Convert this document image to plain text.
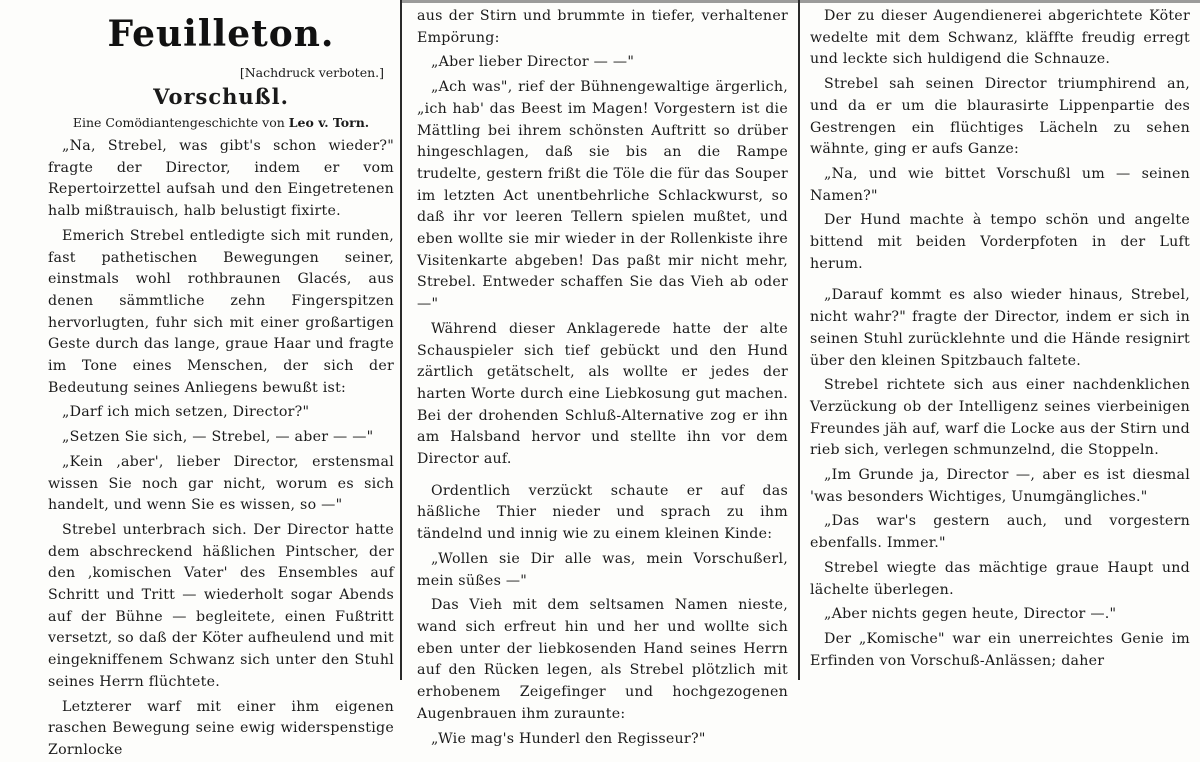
Feuilleton.
[Nachdruck verboten.]
Vorschußl.
Eine Comödiantengeschichte von Leo v. Torn.

„Na, Strebel, was gibt's schon wieder?" fragte der Director, indem er vom Repertoirzettel aufsah und den Eingetretenen halb mißtrauisch, halb belustigt fixirte.

Emerich Strebel entledigte sich mit runden, fast pathetischen Bewegungen seiner, einstmals wohl rothbraunen Glacés, aus denen sämmtliche zehn Fingerspitzen hervorlugten, fuhr sich mit einer großartigen Geste durch das lange, graue Haar und fragte im Tone eines Menschen, der sich der Bedeutung seines Anliegens bewußt ist:

„Darf ich mich setzen, Director?"

„Setzen Sie sich, — Strebel, — aber — —"

„Kein ‚aber', lieber Director, erstensmal wissen Sie noch gar nicht, worum es sich handelt, und wenn Sie es wissen, so —"

Strebel unterbrach sich. Der Director hatte dem abschreckend häßlichen Pintscher, der den ‚komischen Vater' des Ensembles auf Schritt und Tritt — wiederholt sogar Abends auf der Bühne — begleitete, einen Fußtritt versetzt, so daß der Köter aufheulend und mit eingekniffenem Schwanz sich unter den Stuhl seines Herrn flüchtete.

Letzterer warf mit einer ihm eigenen raschen Bewegung seine ewig widerspenstige Zornlocke

aus der Stirn und brummte in tiefer, verhaltener Empörung:

„Aber lieber Director — —"

„Ach was", rief der Bühnengewaltige ärgerlich, „ich hab' das Beest im Magen! Vorgestern ist die Mättling bei ihrem schönsten Auftritt so drüber hingeschlagen, daß sie bis an die Rampe trudelte, gestern frißt die Töle die für das Souper im letzten Act unentbehrliche Schlackwurst, so daß ihr vor leeren Tellern spielen mußtet, und eben wollte sie mir wieder in der Rollenkiste ihre Visitenkarte abgeben! Das paßt mir nicht mehr, Strebel. Entweder schaffen Sie das Vieh ab oder —"

Während dieser Anklagerede hatte der alte Schauspieler sich tief gebückt und den Hund zärtlich getätschelt, als wollte er jedes der harten Worte durch eine Liebkosung gut machen. Bei der drohenden Schluß-Alternative zog er ihn am Halsband hervor und stellte ihn vor dem Director auf.

Ordentlich verzückt schaute er auf das häßliche Thier nieder und sprach zu ihm tändelnd und innig wie zu einem kleinen Kinde:

„Wollen sie Dir alle was, mein Vorschußerl, mein süßes —"

Das Vieh mit dem seltsamen Namen nieste, wand sich erfreut hin und her und wollte sich eben unter der liebkosenden Hand seines Herrn auf den Rücken legen, als Strebel plötzlich mit erhobenem Zeigefinger und hochgezogenen Augenbrauen ihm zuraunte:

„Wie mag's Hunderl den Regisseur?"

Der zu dieser Augendienerei abgerichtete Köter wedelte mit dem Schwanz, kläffte freudig erregt und leckte sich huldigend die Schnauze.

Strebel sah seinen Director triumphirend an, und da er um die blaurasirte Lippenpartie des Gestrengen ein flüchtiges Lächeln zu sehen wähnte, ging er aufs Ganze:

„Na, und wie bittet Vorschußl um — seinen Namen?"

Der Hund machte à tempo schön und angelte bittend mit beiden Vorderpfoten in der Luft herum.

„Darauf kommt es also wieder hinaus, Strebel, nicht wahr?" fragte der Director, indem er sich in seinen Stuhl zurücklehnte und die Hände resignirt über den kleinen Spitzbauch faltete.

Strebel richtete sich aus einer nachdenklichen Verzückung ob der Intelligenz seines vierbeinigen Freundes jäh auf, warf die Locke aus der Stirn und rieb sich, verlegen schmunzelnd, die Stoppeln.

„Im Grunde ja, Director —, aber es ist diesmal 'was besonders Wichtiges, Unumgängliches."

„Das war's gestern auch, und vorgestern ebenfalls. Immer."

Strebel wiegte das mächtige graue Haupt und lächelte überlegen.

„Aber nichts gegen heute, Director —."

Der „Komische" war ein unerreichtes Genie im Erfinden von Vorschuß-Anlässen; daher
